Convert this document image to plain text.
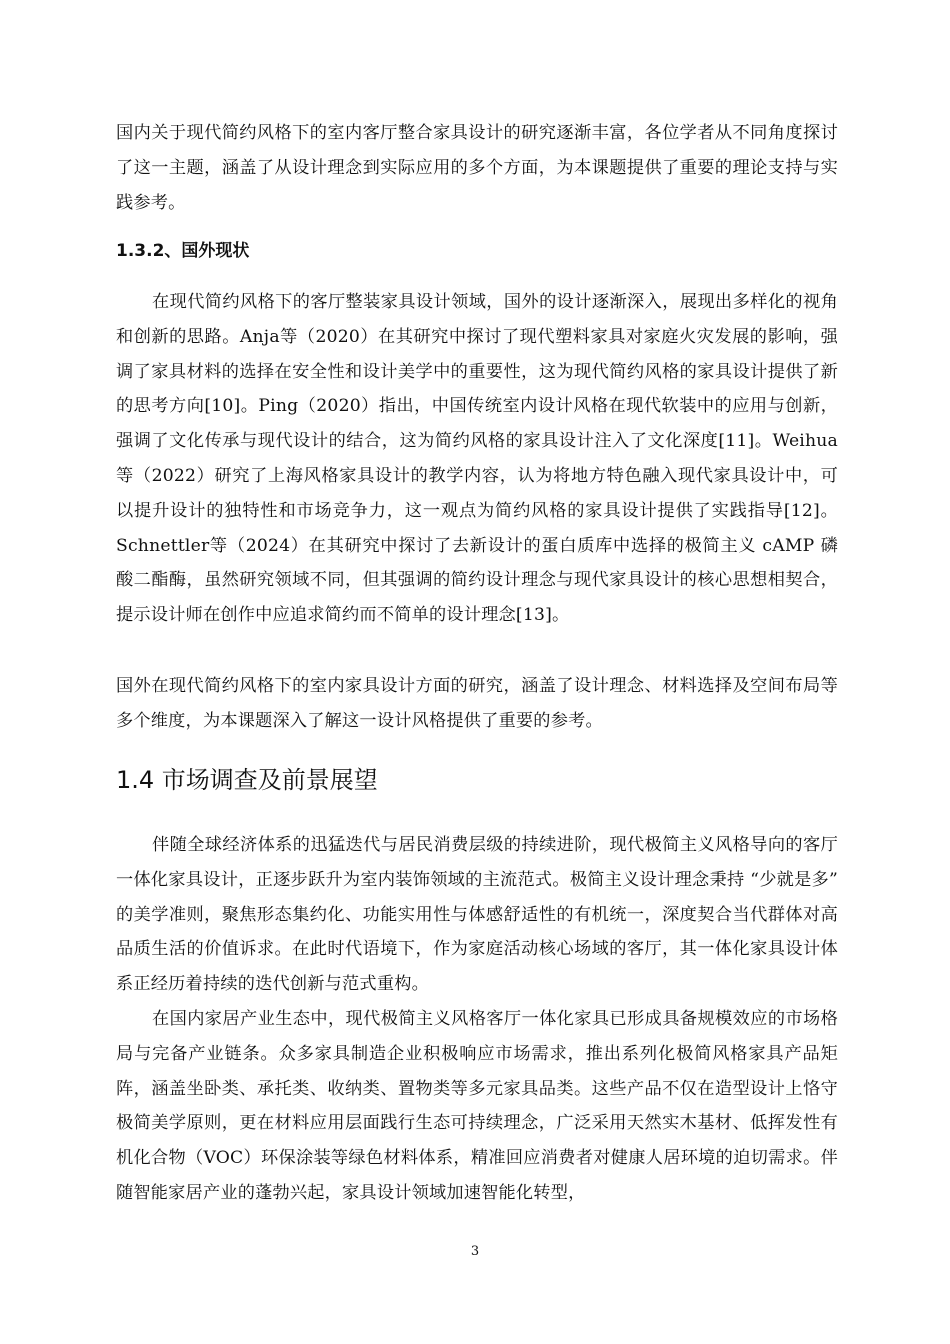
国内关于现代简约风格下的室内客厅整合家具设计的研究逐渐丰富，各位学者从不同角度探讨了这一主题，涵盖了从设计理念到实际应用的多个方面，为本课题提供了重要的理论支持与实践参考。

1.3.2、国外现状

在现代简约风格下的客厅整装家具设计领域，国外的设计逐渐深入，展现出多样化的视角和创新的思路。Anja等（2020）在其研究中探讨了现代塑料家具对家庭火灾发展的影响，强调了家具材料的选择在安全性和设计美学中的重要性，这为现代简约风格的家具设计提供了新的思考方向[10]。Ping（2020）指出，中国传统室内设计风格在现代软装中的应用与创新，强调了文化传承与现代设计的结合，这为简约风格的家具设计注入了文化深度[11]。Weihua等（2022）研究了上海风格家具设计的教学内容，认为将地方特色融入现代家具设计中，可以提升设计的独特性和市场竞争力，这一观点为简约风格的家具设计提供了实践指导[12]。Schnettler等（2024）在其研究中探讨了去新设计的蛋白质库中选择的极简主义 cAMP 磷酸二酯酶，虽然研究领域不同，但其强调的简约设计理念与现代家具设计的核心思想相契合，提示设计师在创作中应追求简约而不简单的设计理念[13]。

国外在现代简约风格下的室内家具设计方面的研究，涵盖了设计理念、材料选择及空间布局等多个维度，为本课题深入了解这一设计风格提供了重要的参考。

1.4 市场调查及前景展望

伴随全球经济体系的迅猛迭代与居民消费层级的持续进阶，现代极简主义风格导向的客厅一体化家具设计，正逐步跃升为室内装饰领域的主流范式。极简主义设计理念秉持 “少就是多” 的美学准则，聚焦形态集约化、功能实用性与体感舒适性的有机统一，深度契合当代群体对高品质生活的价值诉求。在此时代语境下，作为家庭活动核心场域的客厅，其一体化家具设计体系正经历着持续的迭代创新与范式重构。

在国内家居产业生态中，现代极简主义风格客厅一体化家具已形成具备规模效应的市场格局与完备产业链条。众多家具制造企业积极响应市场需求，推出系列化极简风格家具产品矩阵，涵盖坐卧类、承托类、收纳类、置物类等多元家具品类。这些产品不仅在造型设计上恪守极简美学原则，更在材料应用层面践行生态可持续理念，广泛采用天然实木基材、低挥发性有机化合物（VOC）环保涂装等绿色材料体系，精准回应消费者对健康人居环境的迫切需求。伴随智能家居产业的蓬勃兴起，家具设计领域加速智能化转型，

3
